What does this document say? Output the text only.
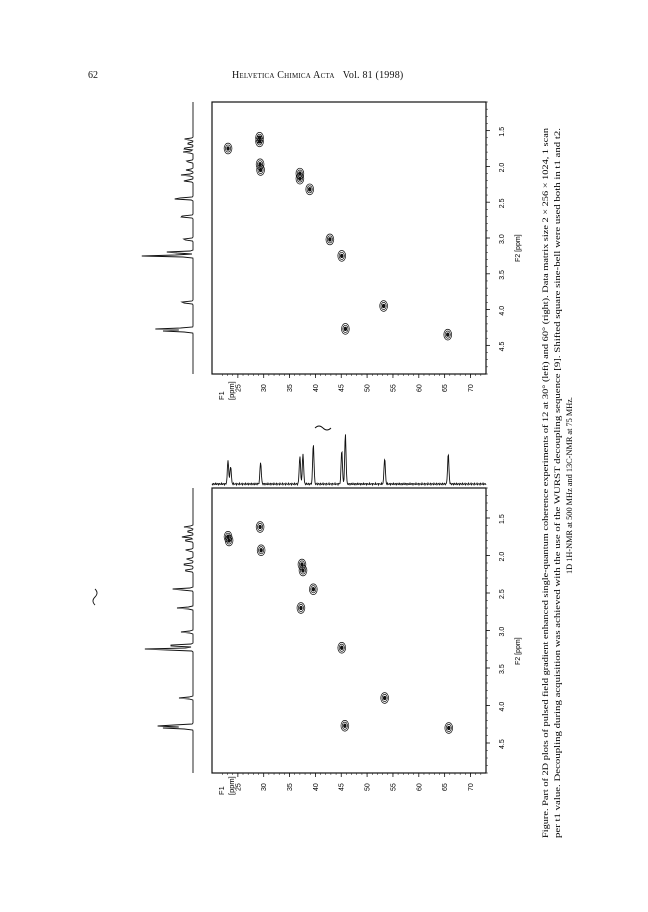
62	Helvetica Chimica Acta Vol. 81 (1998)
25	30	35	40	45	50	55	60	65	70
4.5
4.0
3.5
3.0
2.5
2.0
1.5
25	30	35	40	45	50	55	60	65	70
4.5
4.0
3.5
3.0
2.5
2.0
1.5
F1 [ppm]
F1 [ppm]
F2 [ppm]
F2 [ppm]
Figure. Part of 2D plots of pulsed field gradient enhanced single-quantum coherence experiments of 12 at 30° (left) and 60° (right). Data matrix size 2 × 256 × 1024, 1 scan per t1 value. Decoupling during acquisition was achieved with the use of the WURST decoupling sequence [9]. Shifted square sine-bell were used both in t1 and t2. 1D 1H-NMR at 500 MHz and 13C-NMR at 75 MHz.
